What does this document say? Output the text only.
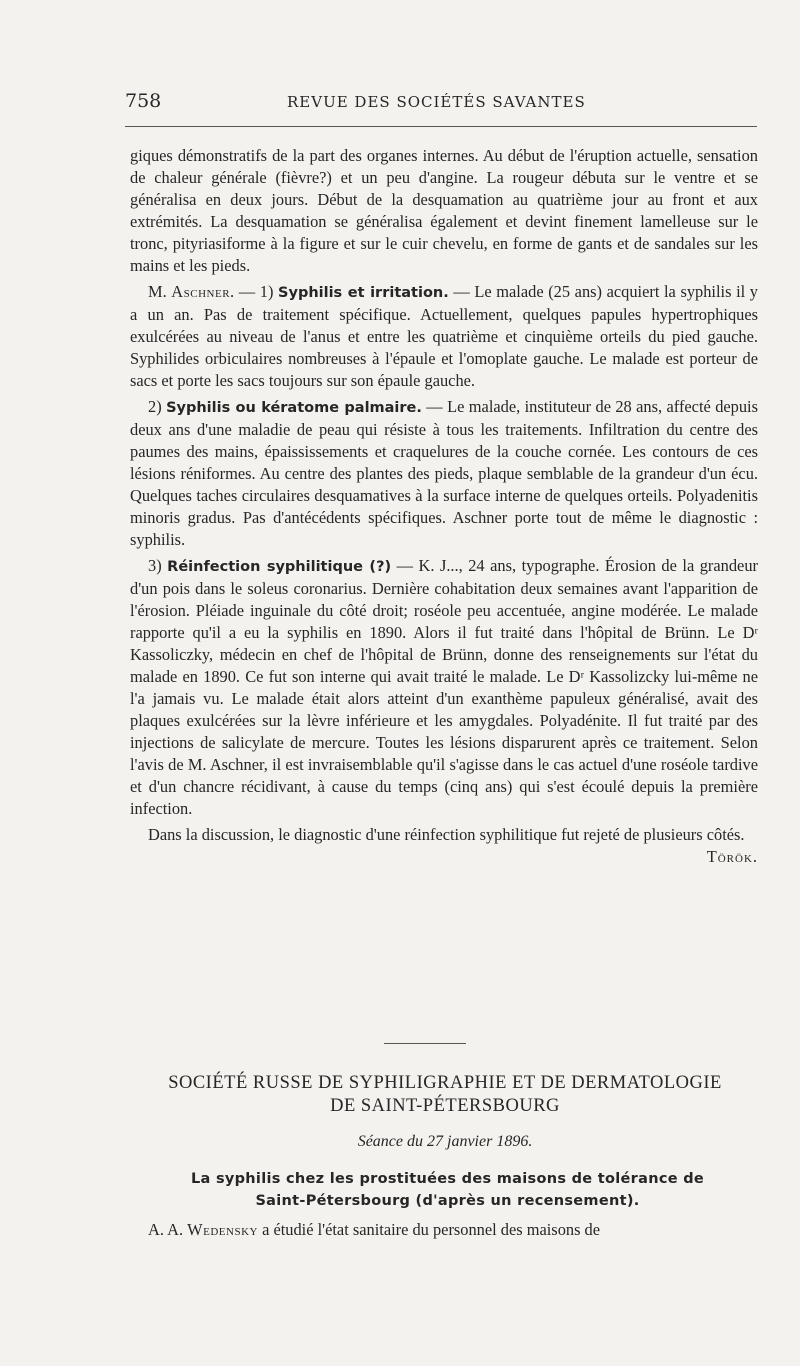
758	REVUE DES SOCIÉTÉS SAVANTES

giques démonstratifs de la part des organes internes. Au début de l'éruption actuelle, sensation de chaleur générale (fièvre?) et un peu d'angine. La rougeur débuta sur le ventre et se généralisa en deux jours. Début de la desquamation au quatrième jour au front et aux extrémités. La desquamation se généralisa également et devint finement lamelleuse sur le tronc, pityriasiforme à la figure et sur le cuir chevelu, en forme de gants et de sandales sur les mains et les pieds.

M. Aschner. — 1) Syphilis et irritation. — Le malade (25 ans) acquiert la syphilis il y a un an. Pas de traitement spécifique. Actuellement, quelques papules hypertrophiques exulcérées au niveau de l'anus et entre les quatrième et cinquième orteils du pied gauche. Syphilides orbiculaires nombreuses à l'épaule et l'omoplate gauche. Le malade est porteur de sacs et porte les sacs toujours sur son épaule gauche.

2) Syphilis ou kératome palmaire. — Le malade, instituteur de 28 ans, affecté depuis deux ans d'une maladie de peau qui résiste à tous les traitements. Infiltration du centre des paumes des mains, épaississements et craquelures de la couche cornée. Les contours de ces lésions réniformes. Au centre des plantes des pieds, plaque semblable de la grandeur d'un écu. Quelques taches circulaires desquamatives à la surface interne de quelques orteils. Polyadenitis minoris gradus. Pas d'antécédents spécifiques. Aschner porte tout de même le diagnostic : syphilis.

3) Réinfection syphilitique (?) — K. J..., 24 ans, typographe. Érosion de la grandeur d'un pois dans le soleus coronarius. Dernière cohabitation deux semaines avant l'apparition de l'érosion. Pléiade inguinale du côté droit; roséole peu accentuée, angine modérée. Le malade rapporte qu'il a eu la syphilis en 1890. Alors il fut traité dans l'hôpital de Brünn. Le Dʳ Kassoliczky, médecin en chef de l'hôpital de Brünn, donne des renseignements sur l'état du malade en 1890. Ce fut son interne qui avait traité le malade. Le Dʳ Kassolizcky lui-même ne l'a jamais vu. Le malade était alors atteint d'un exanthème papuleux généralisé, avait des plaques exulcérées sur la lèvre inférieure et les amygdales. Polyadénite. Il fut traité par des injections de salicylate de mercure. Toutes les lésions disparurent après ce traitement. Selon l'avis de M. Aschner, il est invraisemblable qu'il s'agisse dans le cas actuel d'une roséole tardive et d'un chancre récidivant, à cause du temps (cinq ans) qui s'est écoulé depuis la première infection.

Dans la discussion, le diagnostic d'une réinfection syphilitique fut rejeté de plusieurs côtés.
Török.

SOCIÉTÉ RUSSE DE SYPHILIGRAPHIE ET DE DERMATOLOGIE
DE SAINT-PÉTERSBOURG
Séance du 27 janvier 1896.
La syphilis chez les prostituées des maisons de tolérance de
Saint-Pétersbourg (d'après un recensement).
A. A. Wedensky a étudié l'état sanitaire du personnel des maisons de
